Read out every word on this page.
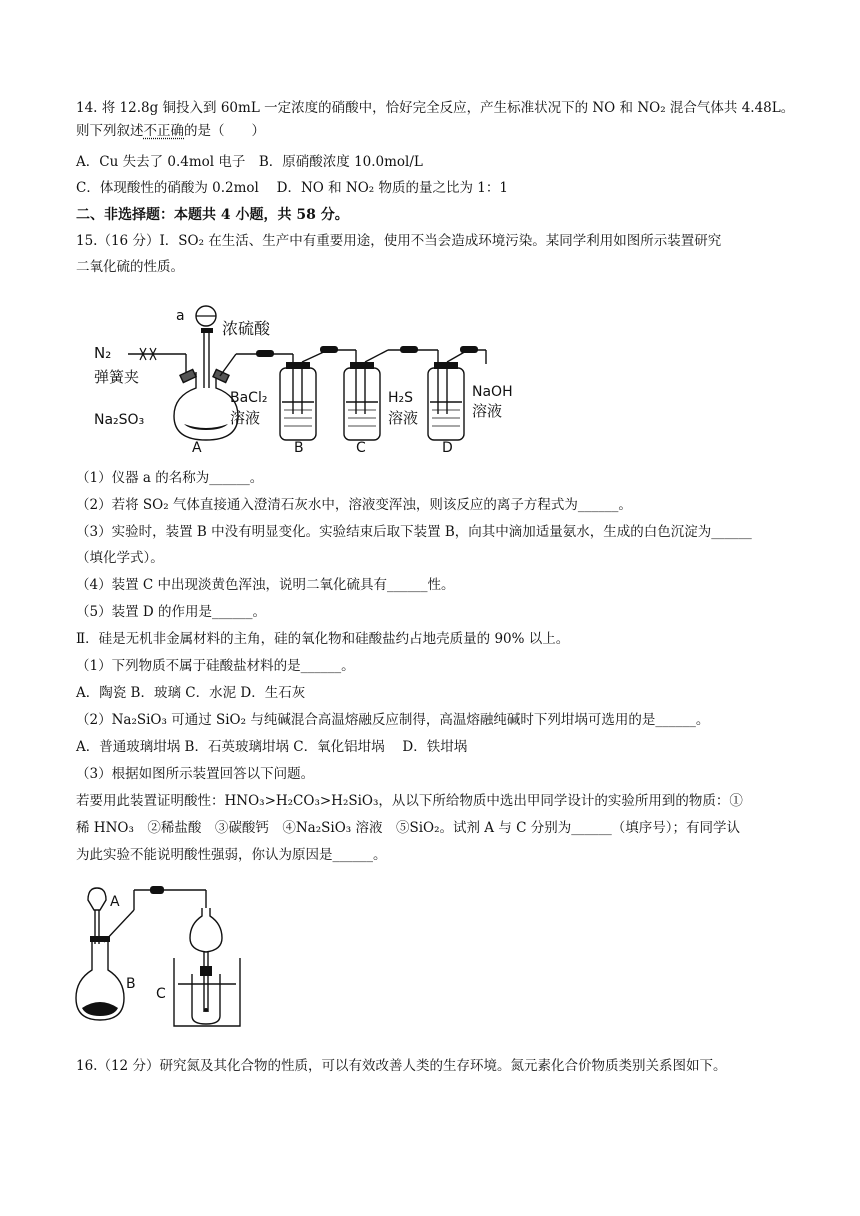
14. 将 12.8g 铜投入到 60mL 一定浓度的硝酸中，恰好完全反应，产生标准状况下的 NO 和 NO₂ 混合气体共 4.48L。
则下列叙述不正确的是（　　）
A．Cu 失去了 0.4mol 电子　B．原硝酸浓度 10.0mol/L
C．体现酸性的硝酸为 0.2mol　 D．NO 和 NO₂ 物质的量之比为 1：1
二、非选择题：本题共 4 小题，共 58 分。
15.（16 分）Ⅰ．SO₂ 在生活、生产中有重要用途，使用不当会造成环境污染。某同学利用如图所示装置研究
二氧化硫的性质。
a
浓硫酸
N₂
弹簧夹
Na₂SO₃
BaCl₂
溶液
H₂S
溶液
NaOH
溶液
A	B	C	D
（1）仪器 a 的名称为______。
（2）若将 SO₂ 气体直接通入澄清石灰水中，溶液变浑浊，则该反应的离子方程式为______。
（3）实验时，装置 B 中没有明显变化。实验结束后取下装置 B，向其中滴加适量氨水，生成的白色沉淀为______
（填化学式）。
（4）装置 C 中出现淡黄色浑浊，说明二氧化硫具有______性。
（5）装置 D 的作用是______。
Ⅱ．硅是无机非金属材料的主角，硅的氧化物和硅酸盐约占地壳质量的 90% 以上。
（1）下列物质不属于硅酸盐材料的是______。
A．陶瓷 B．玻璃 C．水泥 D．生石灰
（2）Na₂SiO₃ 可通过 SiO₂ 与纯碱混合高温熔融反应制得，高温熔融纯碱时下列坩埚可选用的是______。
A．普通玻璃坩埚 B．石英玻璃坩埚 C．氧化铝坩埚　 D．铁坩埚
（3）根据如图所示装置回答以下问题。
若要用此装置证明酸性：HNO₃>H₂CO₃>H₂SiO₃，从以下所给物质中选出甲同学设计的实验所用到的物质：①
稀 HNO₃　②稀盐酸　③碳酸钙　④Na₂SiO₃ 溶液　⑤SiO₂。试剂 A 与 C 分别为______（填序号）；有同学认
为此实验不能说明酸性强弱，你认为原因是______。
A
B
C
16.（12 分）研究氮及其化合物的性质，可以有效改善人类的生存环境。氮元素化合价物质类别关系图如下。
